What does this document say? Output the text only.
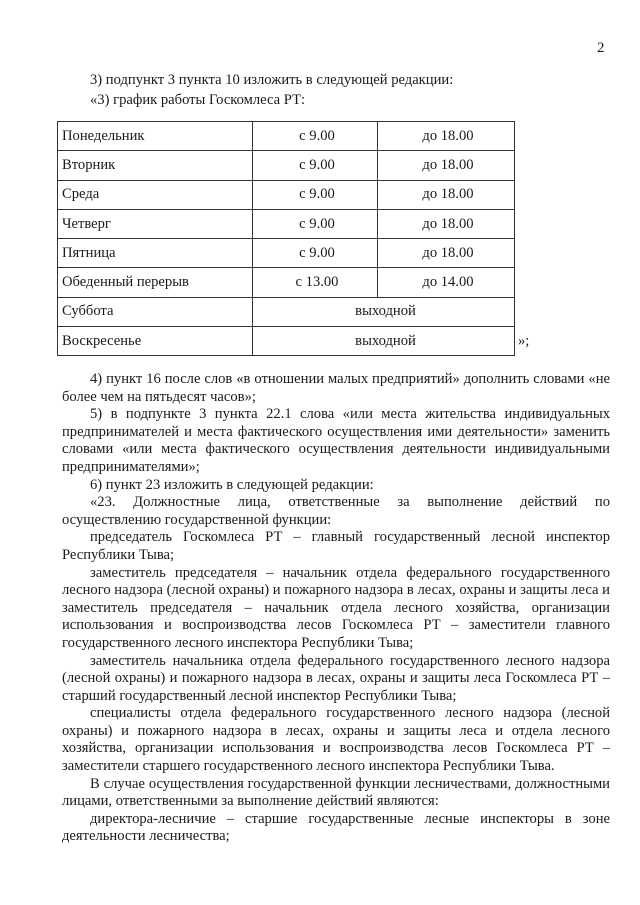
2
3) подпункт 3 пункта 10 изложить в следующей редакции:
«3) график работы Госкомлеса РТ:
Понедельник	с 9.00	до 18.00
Вторник	с 9.00	до 18.00
Среда	с 9.00	до 18.00
Четверг	с 9.00	до 18.00
Пятница	с 9.00	до 18.00
Обеденный перерыв	с 13.00	до 14.00
Суббота	выходной	
Воскресенье	выходной		»;

4) пункт 16 после слов «в отношении малых предприятий» дополнить словами «не более чем на пятьдесят часов»;

5) в подпункте 3 пункта 22.1 слова «или места жительства индивидуальных предпринимателей и места фактического осуществления ими деятельности» заменить словами «или места фактического осуществления деятельности индивидуальными предпринимателями»;

6) пункт 23 изложить в следующей редакции:

«23. Должностные лица, ответственные за выполнение действий по осуществлению государственной функции:

председатель Госкомлеса РТ – главный государственный лесной инспектор Республики Тыва;

заместитель председателя – начальник отдела федерального государственного лесного надзора (лесной охраны) и пожарного надзора в лесах, охраны и защиты леса и заместитель председателя – начальник отдела лесного хозяйства, организации использования и воспроизводства лесов Госкомлеса РТ – заместители главного государственного лесного инспектора Республики Тыва;

заместитель начальника отдела федерального государственного лесного надзора (лесной охраны) и пожарного надзора в лесах, охраны и защиты леса Госкомлеса РТ – старший государственный лесной инспектор Республики Тыва;

специалисты отдела федерального государственного лесного надзора (лесной охраны) и пожарного надзора в лесах, охраны и защиты леса и отдела лесного хозяйства, организации использования и воспроизводства лесов Госкомлеса РТ – заместители старшего государственного лесного инспектора Республики Тыва.

В случае осуществления государственной функции лесничествами, должностными лицами, ответственными за выполнение действий являются:

директора-лесничие – старшие государственные лесные инспекторы в зоне деятельности лесничества;
